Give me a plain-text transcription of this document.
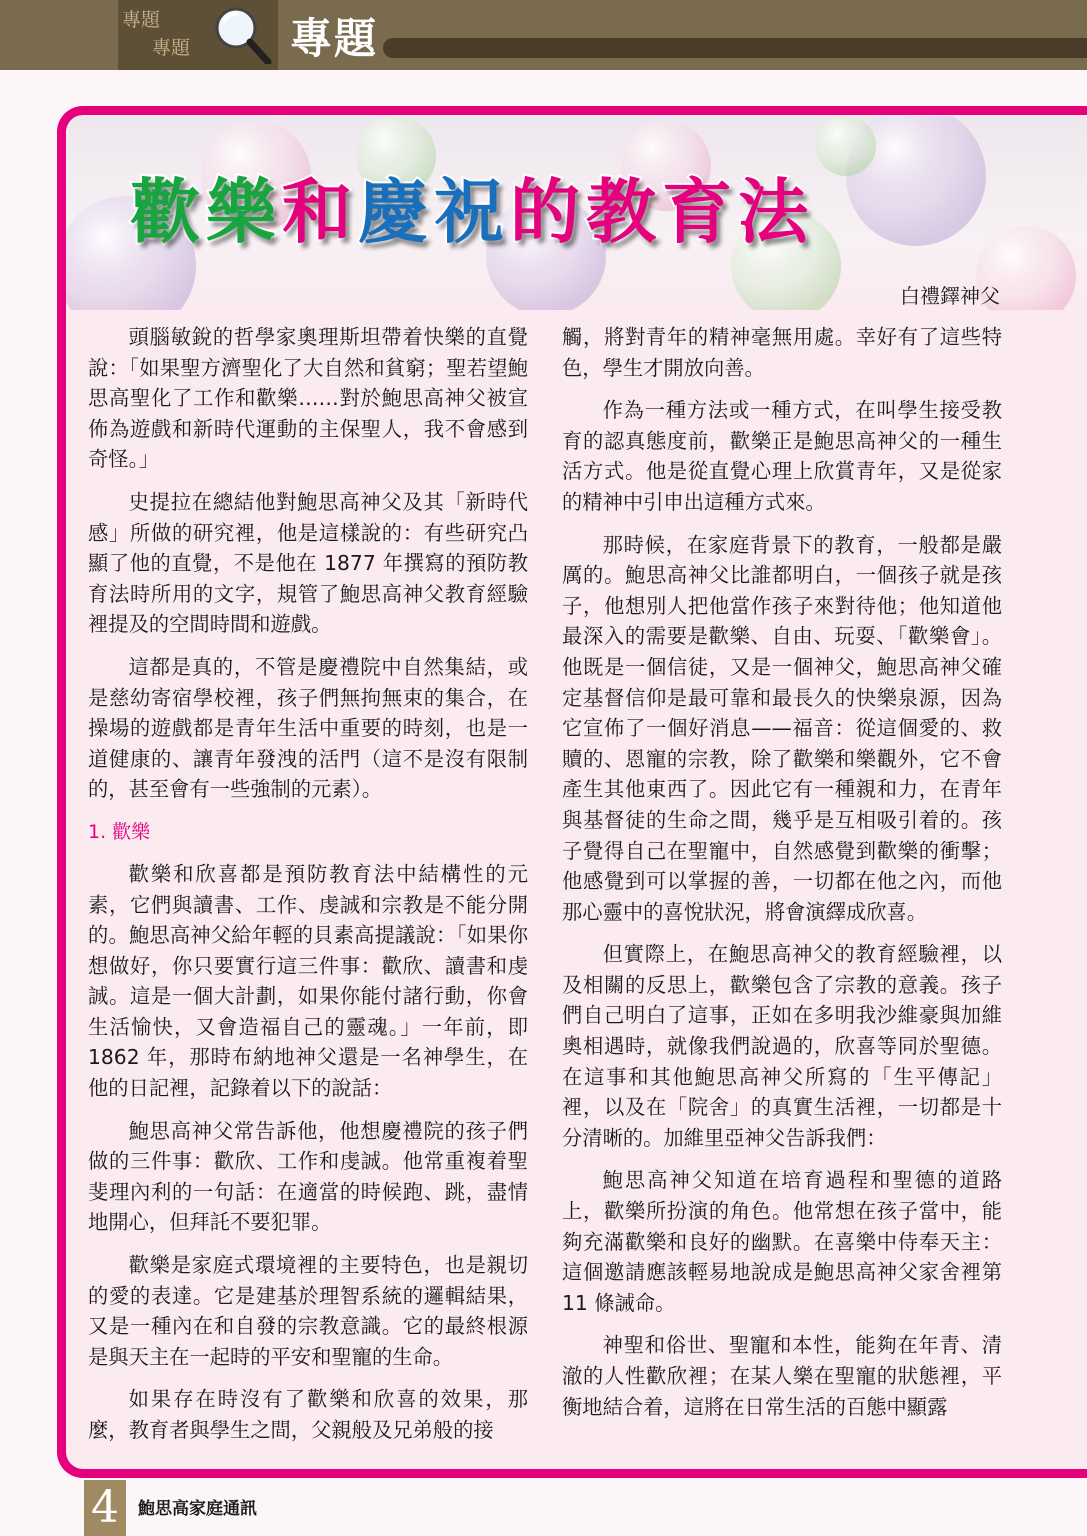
專題
專題 專題
歡樂和慶祝的教育法
白禮鐸神父

頭腦敏銳的哲學家奧理斯坦帶着快樂的直覺說：「如果聖方濟聖化了大自然和貧窮；聖若望鮑思高聖化了工作和歡樂……對於鮑思高神父被宣佈為遊戲和新時代運動的主保聖人，我不會感到奇怪。」

史提拉在總結他對鮑思高神父及其「新時代感」所做的研究裡，他是這樣說的：有些研究凸顯了他的直覺，不是他在 1877 年撰寫的預防教育法時所用的文字，規管了鮑思高神父教育經驗裡提及的空間時間和遊戲。

這都是真的，不管是慶禮院中自然集結，或是慈幼寄宿學校裡，孩子們無拘無束的集合，在操場的遊戲都是青年生活中重要的時刻，也是一道健康的、讓青年發洩的活門（這不是沒有限制的，甚至會有一些強制的元素）。

1. 歡樂

歡樂和欣喜都是預防教育法中結構性的元素，它們與讀書、工作、虔誠和宗教是不能分開的。鮑思高神父給年輕的貝素高提議說：「如果你想做好，你只要實行這三件事：歡欣、讀書和虔誠。這是一個大計劃，如果你能付諸行動，你會生活愉快，又會造福自己的靈魂。」一年前，即 1862 年，那時布納地神父還是一名神學生，在他的日記裡，記錄着以下的說話：

鮑思高神父常告訴他，他想慶禮院的孩子們做的三件事：歡欣、工作和虔誠。他常重複着聖斐理內利的一句話：在適當的時候跑、跳，盡情地開心，但拜託不要犯罪。

歡樂是家庭式環境裡的主要特色，也是親切的愛的表達。它是建基於理智系統的邏輯結果，又是一種內在和自發的宗教意識。它的最終根源是與天主在一起時的平安和聖寵的生命。

如果存在時沒有了歡樂和欣喜的效果，那麼，教育者與學生之間，父親般及兄弟般的接

觸，將對青年的精神毫無用處。幸好有了這些特色，學生才開放向善。

作為一種方法或一種方式，在叫學生接受教育的認真態度前，歡樂正是鮑思高神父的一種生活方式。他是從直覺心理上欣賞青年，又是從家的精神中引申出這種方式來。

那時候，在家庭背景下的教育，一般都是嚴厲的。鮑思高神父比誰都明白，一個孩子就是孩子，他想別人把他當作孩子來對待他；他知道他最深入的需要是歡樂、自由、玩耍、「歡樂會」。他既是一個信徒，又是一個神父，鮑思高神父確定基督信仰是最可靠和最長久的快樂泉源，因為它宣佈了一個好消息——福音：從這個愛的、救贖的、恩寵的宗教，除了歡樂和樂觀外，它不會產生其他東西了。因此它有一種親和力，在青年與基督徒的生命之間，幾乎是互相吸引着的。孩子覺得自己在聖寵中，自然感覺到歡樂的衝擊；他感覺到可以掌握的善，一切都在他之內，而他那心靈中的喜悅狀況，將會演繹成欣喜。

但實際上，在鮑思高神父的教育經驗裡，以及相關的反思上，歡樂包含了宗教的意義。孩子們自己明白了這事，正如在多明我沙維豪與加維奧相遇時，就像我們說過的，欣喜等同於聖德。 在這事和其他鮑思高神父所寫的「生平傳記」裡，以及在「院舍」的真實生活裡，一切都是十分清晰的。加維里亞神父告訴我們：

鮑思高神父知道在培育過程和聖德的道路上，歡樂所扮演的角色。他常想在孩子當中，能夠充滿歡樂和良好的幽默。在喜樂中侍奉天主：這個邀請應該輕易地說成是鮑思高神父家舍裡第 11 條誡命。

神聖和俗世、聖寵和本性，能夠在年青、清澈的人性歡欣裡；在某人樂在聖寵的狀態裡，平衡地結合着，這將在日常生活的百態中顯露

4	鮑思高家庭通訊
